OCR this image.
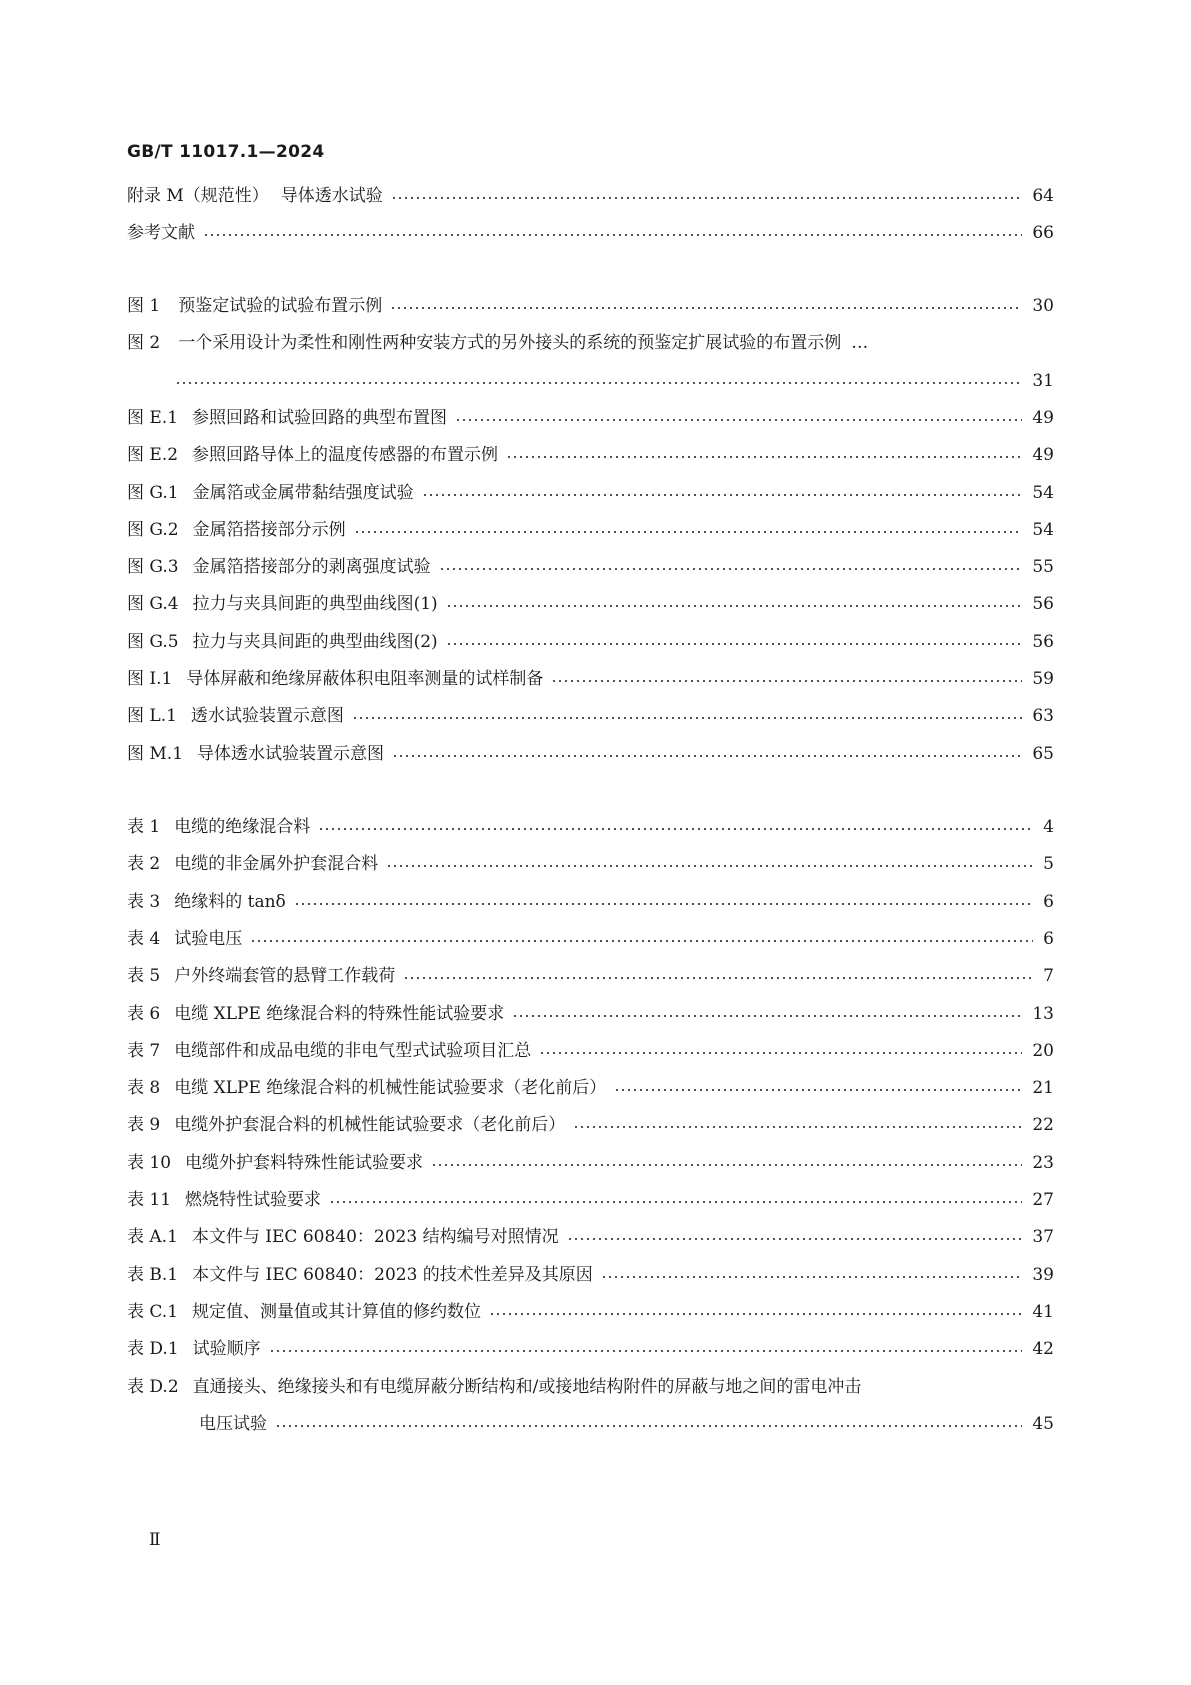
GB/T 11017.1—2024
附录 M（规范性） 导体透水试验	64
参考文献	66
图 1 预鉴定试验的试验布置示例	30
图 2 一个采用设计为柔性和刚性两种安装方式的另外接头的系统的预鉴定扩展试验的布置示例 …
31
图 E.1 参照回路和试验回路的典型布置图	49
图 E.2 参照回路导体上的温度传感器的布置示例	49
图 G.1 金属箔或金属带黏结强度试验	54
图 G.2 金属箔搭接部分示例	54
图 G.3 金属箔搭接部分的剥离强度试验	55
图 G.4 拉力与夹具间距的典型曲线图(1)	56
图 G.5 拉力与夹具间距的典型曲线图(2)	56
图 I.1 导体屏蔽和绝缘屏蔽体积电阻率测量的试样制备	59
图 L.1 透水试验装置示意图	63
图 M.1 导体透水试验装置示意图	65
表 1 电缆的绝缘混合料	4
表 2 电缆的非金属外护套混合料	5
表 3 绝缘料的 tanδ	6
表 4 试验电压	6
表 5 户外终端套管的悬臂工作载荷	7
表 6 电缆 XLPE 绝缘混合料的特殊性能试验要求	13
表 7 电缆部件和成品电缆的非电气型式试验项目汇总	20
表 8 电缆 XLPE 绝缘混合料的机械性能试验要求（老化前后）	21
表 9 电缆外护套混合料的机械性能试验要求（老化前后）	22
表 10 电缆外护套料特殊性能试验要求	23
表 11 燃烧特性试验要求	27
表 A.1 本文件与 IEC 60840：2023 结构编号对照情况	37
表 B.1 本文件与 IEC 60840：2023 的技术性差异及其原因	39
表 C.1 规定值、测量值或其计算值的修约数位	41
表 D.1 试验顺序	42
表 D.2 直通接头、绝缘接头和有电缆屏蔽分断结构和/或接地结构附件的屏蔽与地之间的雷电冲击
电压试验	45
Ⅱ
